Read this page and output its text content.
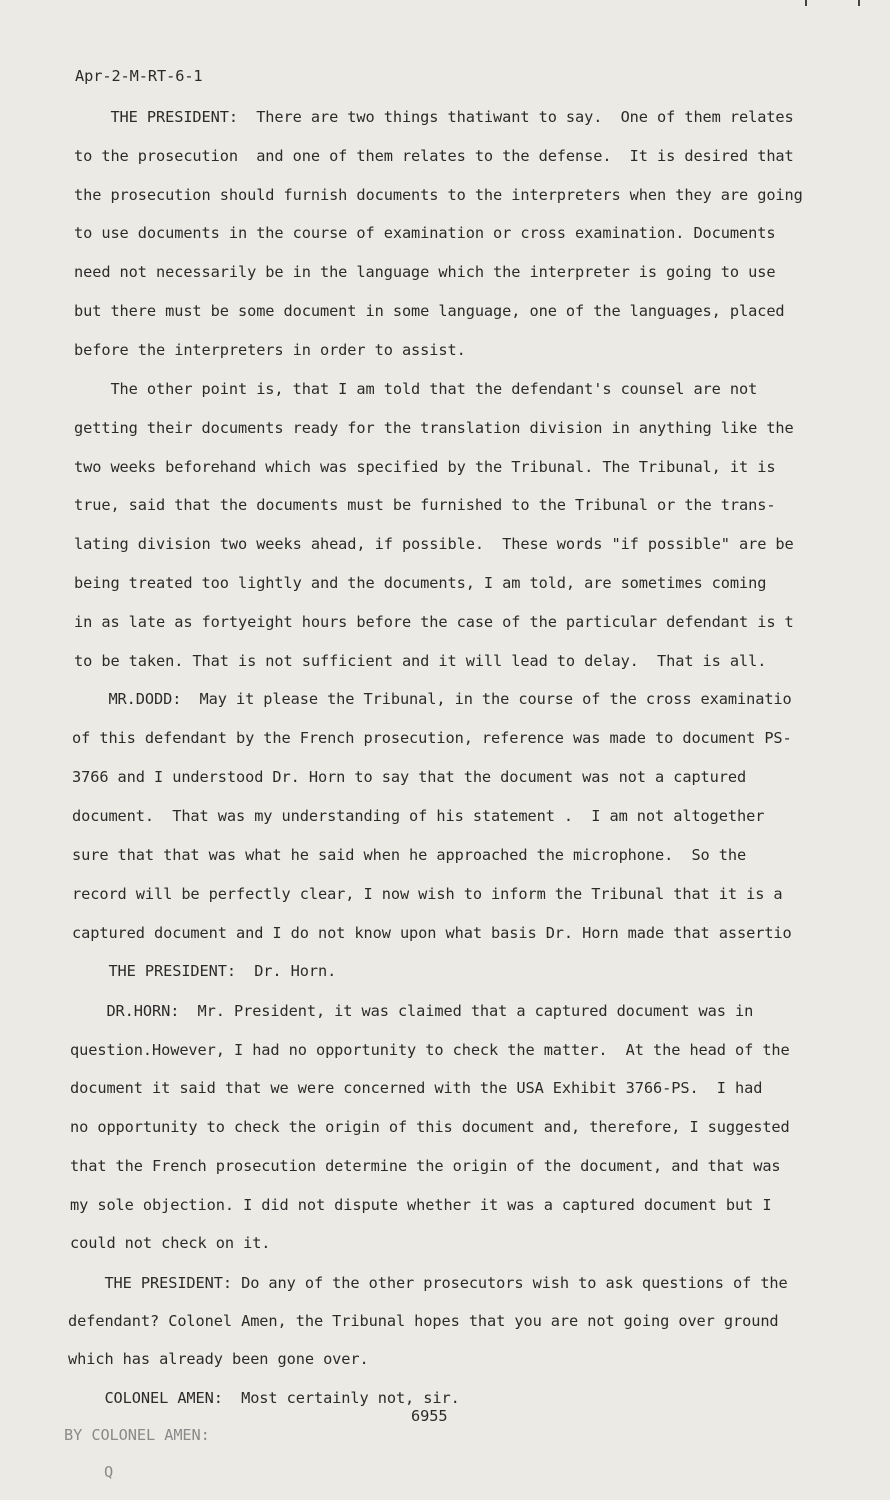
Apr-2-M-RT-6-1
THE PRESIDENT:  There are two things thatiwant to say.  One of them relates
to the prosecution  and one of them relates to the defense.  It is desired that
the prosecution should furnish documents to the interpreters when they are going
to use documents in the course of examination or cross examination. Documents
need not necessarily be in the language which the interpreter is going to use
but there must be some document in some language, one of the languages, placed
before the interpreters in order to assist.
The other point is, that I am told that the defendant's counsel are not
getting their documents ready for the translation division in anything like the
two weeks beforehand which was specified by the Tribunal. The Tribunal, it is
true, said that the documents must be furnished to the Tribunal or the trans-
lating division two weeks ahead, if possible.  These words "if possible" are be
being treated too lightly and the documents, I am told, are sometimes coming
in as late as fortyeight hours before the case of the particular defendant is t
to be taken. That is not sufficient and it will lead to delay.  That is all.
MR.DODD:  May it please the Tribunal, in the course of the cross examinatio
of this defendant by the French prosecution, reference was made to document PS-
3766 and I understood Dr. Horn to say that the document was not a captured
document.  That was my understanding of his statement .  I am not altogether
sure that that was what he said when he approached the microphone.  So the
record will be perfectly clear, I now wish to inform the Tribunal that it is a
captured document and I do not know upon what basis Dr. Horn made that assertio
THE PRESIDENT:  Dr. Horn.
DR.HORN:  Mr. President, it was claimed that a captured document was in
question.However, I had no opportunity to check the matter.  At the head of the
document it said that we were concerned with the USA Exhibit 3766-PS.  I had
no opportunity to check the origin of this document and, therefore, I suggested
that the French prosecution determine the origin of the document, and that was
my sole objection. I did not dispute whether it was a captured document but I
could not check on it.
THE PRESIDENT: Do any of the other prosecutors wish to ask questions of the
defendant? Colonel Amen, the Tribunal hopes that you are not going over ground
which has already been gone over.
COLONEL AMEN:  Most certainly not, sir.
6955
BY COLONEL AMEN:
Q
